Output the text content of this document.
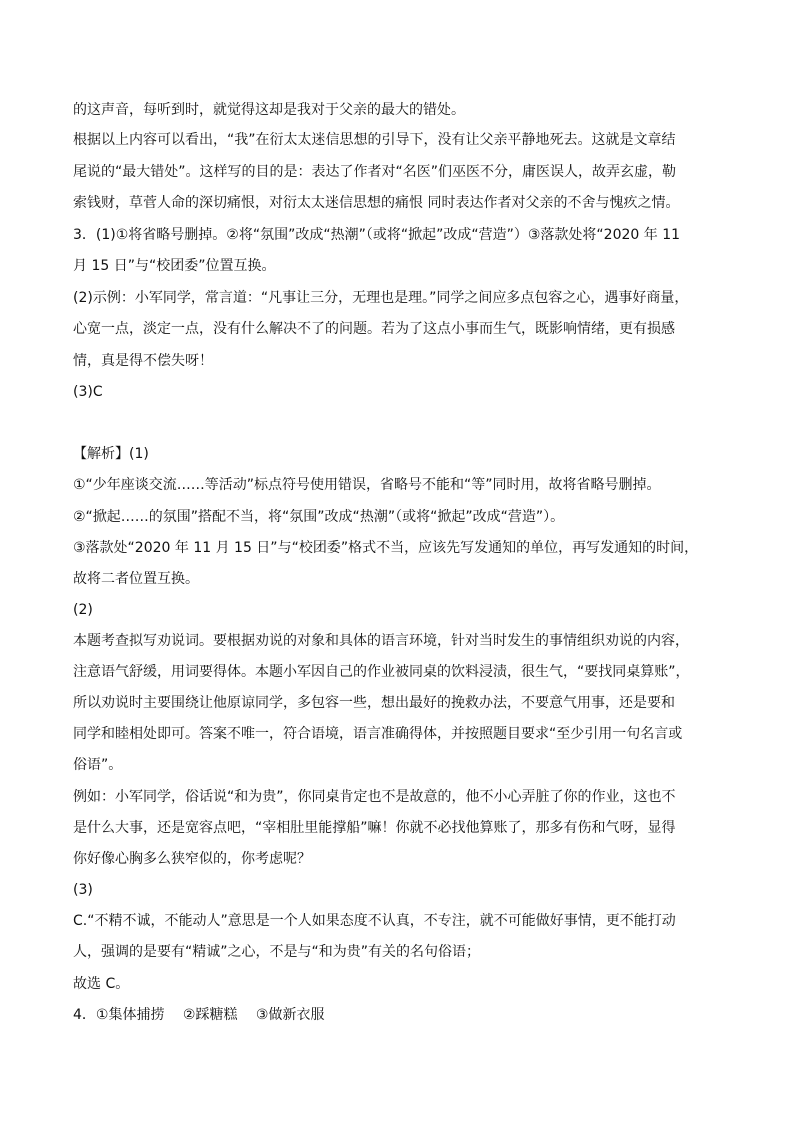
的这声音，每听到时，就觉得这却是我对于父亲的最大的错处。
根据以上内容可以看出，“我”在衍太太迷信思想的引导下，没有让父亲平静地死去。这就是文章结
尾说的“最大错处”。这样写的目的是：表达了作者对“名医”们巫医不分，庸医误人，故弄玄虚，勒
索钱财，草菅人命的深切痛恨，对衍太太迷信思想的痛恨 同时表达作者对父亲的不舍与愧疚之情。
3．(1)①将省略号删掉。②将“氛围”改成“热潮”（或将“掀起”改成“营造”）③落款处将“2020 年 11
月 15 日”与“校团委”位置互换。
(2)示例：小军同学，常言道：“凡事让三分，无理也是理。”同学之间应多点包容之心，遇事好商量，
心宽一点，淡定一点，没有什么解决不了的问题。若为了这点小事而生气，既影响情绪，更有损感
情，真是得不偿失呀！
(3)C
【解析】(1)
①“少年座谈交流……等活动”标点符号使用错误，省略号不能和“等”同时用，故将省略号删掉。
②“掀起……的氛围”搭配不当，将“氛围”改成“热潮”（或将“掀起”改成“营造”）。
③落款处“2020 年 11 月 15 日”与“校团委”格式不当，应该先写发通知的单位，再写发通知的时间，
故将二者位置互换。
(2)
本题考查拟写劝说词。要根据劝说的对象和具体的语言环境，针对当时发生的事情组织劝说的内容，
注意语气舒缓，用词要得体。本题小军因自己的作业被同桌的饮料浸渍，很生气，“要找同桌算账”，
所以劝说时主要围绕让他原谅同学，多包容一些，想出最好的挽救办法，不要意气用事，还是要和
同学和睦相处即可。答案不唯一，符合语境，语言准确得体，并按照题目要求“至少引用一句名言或
俗语”。
例如：小军同学，俗话说“和为贵”，你同桌肯定也不是故意的，他不小心弄脏了你的作业，这也不
是什么大事，还是宽容点吧，“宰相肚里能撑船”嘛！你就不必找他算账了，那多有伤和气呀，显得
你好像心胸多么狭窄似的，你考虑呢？
(3)
C.“不精不诚，不能动人”意思是一个人如果态度不认真，不专注，就不可能做好事情，更不能打动
人，强调的是要有“精诚”之心，不是与“和为贵”有关的名句俗语；
故选 C。
4．①集体捕捞　 ②踩糖糕　 ③做新衣服
